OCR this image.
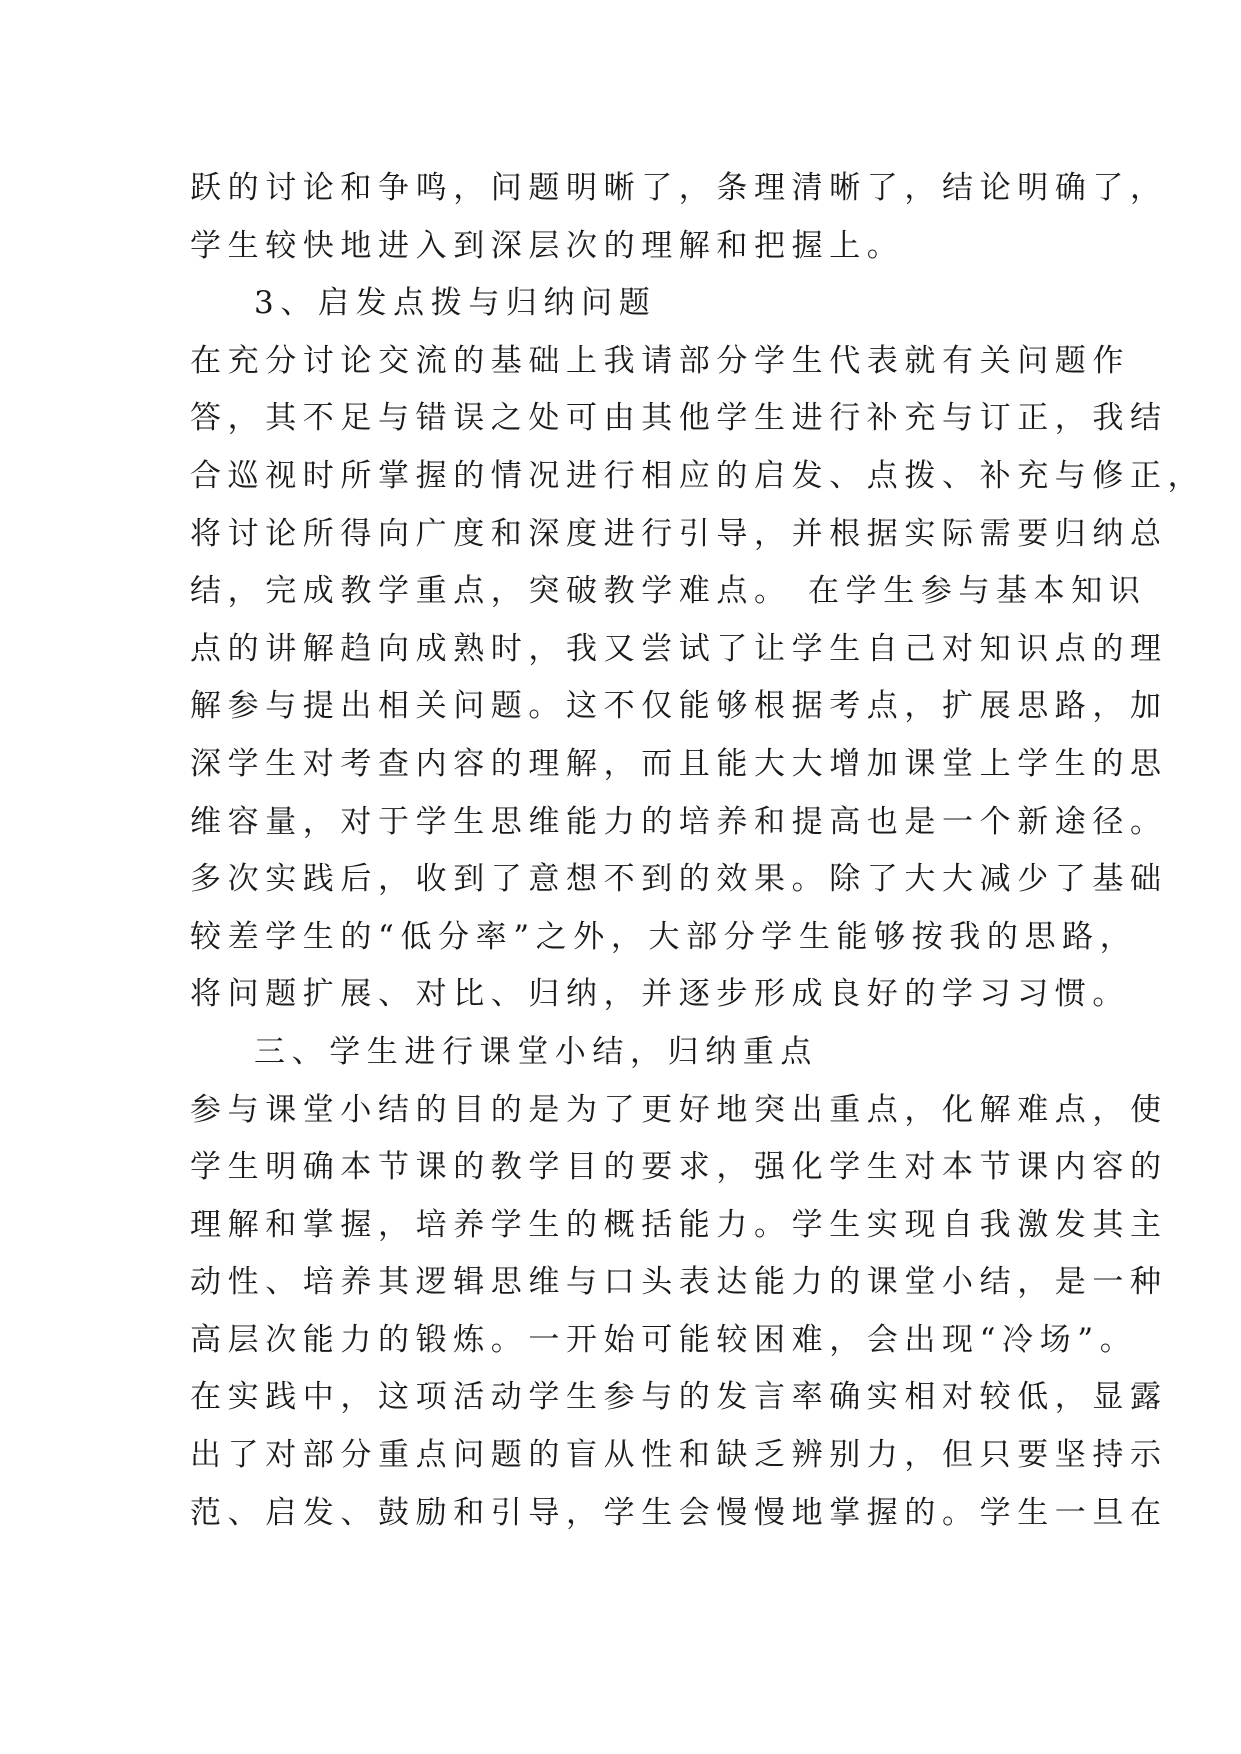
跃的讨论和争鸣，问题明晰了，条理清晰了，结论明确了，
学生较快地进入到深层次的理解和把握上。
3、启发点拨与归纳问题
在充分讨论交流的基础上我请部分学生代表就有关问题作
答，其不足与错误之处可由其他学生进行补充与订正，我结
合巡视时所掌握的情况进行相应的启发、点拨、补充与修正，
将讨论所得向广度和深度进行引导，并根据实际需要归纳总
结，完成教学重点，突破教学难点。 在学生参与基本知识
点的讲解趋向成熟时，我又尝试了让学生自己对知识点的理
解参与提出相关问题。这不仅能够根据考点，扩展思路，加
深学生对考查内容的理解，而且能大大增加课堂上学生的思
维容量，对于学生思维能力的培养和提高也是一个新途径。
多次实践后，收到了意想不到的效果。除了大大减少了基础
较差学生的“低分率”之外，大部分学生能够按我的思路，
将问题扩展、对比、归纳，并逐步形成良好的学习习惯。
三、学生进行课堂小结，归纳重点
参与课堂小结的目的是为了更好地突出重点，化解难点，使
学生明确本节课的教学目的要求，强化学生对本节课内容的
理解和掌握，培养学生的概括能力。学生实现自我激发其主
动性、培养其逻辑思维与口头表达能力的课堂小结，是一种
高层次能力的锻炼。一开始可能较困难，会出现“冷场”。
在实践中，这项活动学生参与的发言率确实相对较低，显露
出了对部分重点问题的盲从性和缺乏辨别力，但只要坚持示
范、启发、鼓励和引导，学生会慢慢地掌握的。学生一旦在
